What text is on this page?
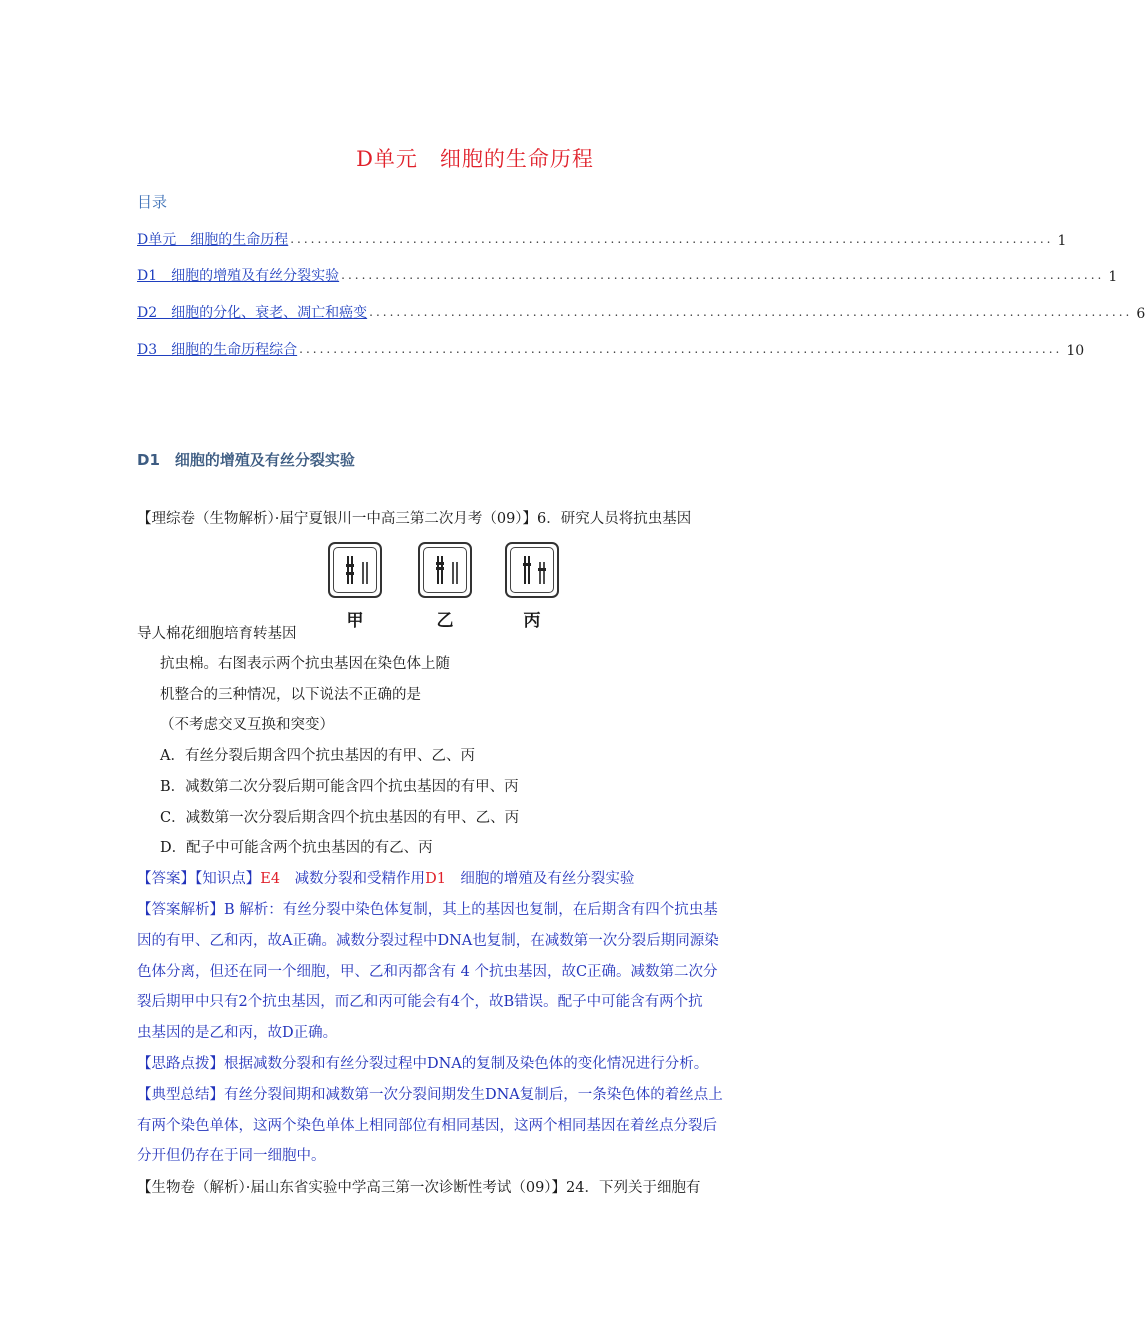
D单元　细胞的生命历程
目录
D单元　细胞的生命历程 ................................................................................................................ 1
D1　细胞的增殖及有丝分裂实验 ................................................................................................................ 1
D2　细胞的分化、衰老、凋亡和癌变 ................................................................................................................ 6
D3　细胞的生命历程综合 ................................................................................................................ 10
D1　细胞的增殖及有丝分裂实验
【理综卷（生物解析）·届宁夏银川一中高三第二次月考（09）】6．研究人员将抗虫基因
甲	乙	丙
导人棉花细胞培育转基因
抗虫棉。右图表示两个抗虫基因在染色体上随
机整合的三种情况，以下说法不正确的是
（不考虑交叉互换和突变）
A．有丝分裂后期含四个抗虫基因的有甲、乙、丙
B．减数第二次分裂后期可能含四个抗虫基因的有甲、丙
C．减数第一次分裂后期含四个抗虫基因的有甲、乙、丙
D．配子中可能含两个抗虫基因的有乙、丙
【答案】【知识点】E4　减数分裂和受精作用D1　细胞的增殖及有丝分裂实验
【答案解析】B 解析：有丝分裂中染色体复制，其上的基因也复制，在后期含有四个抗虫基
因的有甲、乙和丙，故A正确。减数分裂过程中DNA也复制，在减数第一次分裂后期同源染
色体分离，但还在同一个细胞，甲、乙和丙都含有 4 个抗虫基因，故C正确。减数第二次分
裂后期甲中只有2个抗虫基因，而乙和丙可能会有4个，故B错误。配子中可能含有两个抗
虫基因的是乙和丙，故D正确。
【思路点拨】根据减数分裂和有丝分裂过程中DNA的复制及染色体的变化情况进行分析。
【典型总结】有丝分裂间期和减数第一次分裂间期发生DNA复制后，一条染色体的着丝点上
有两个染色单体，这两个染色单体上相同部位有相同基因，这两个相同基因在着丝点分裂后
分开但仍存在于同一细胞中。
【生物卷（解析）·届山东省实验中学高三第一次诊断性考试（09）】24．下列关于细胞有
